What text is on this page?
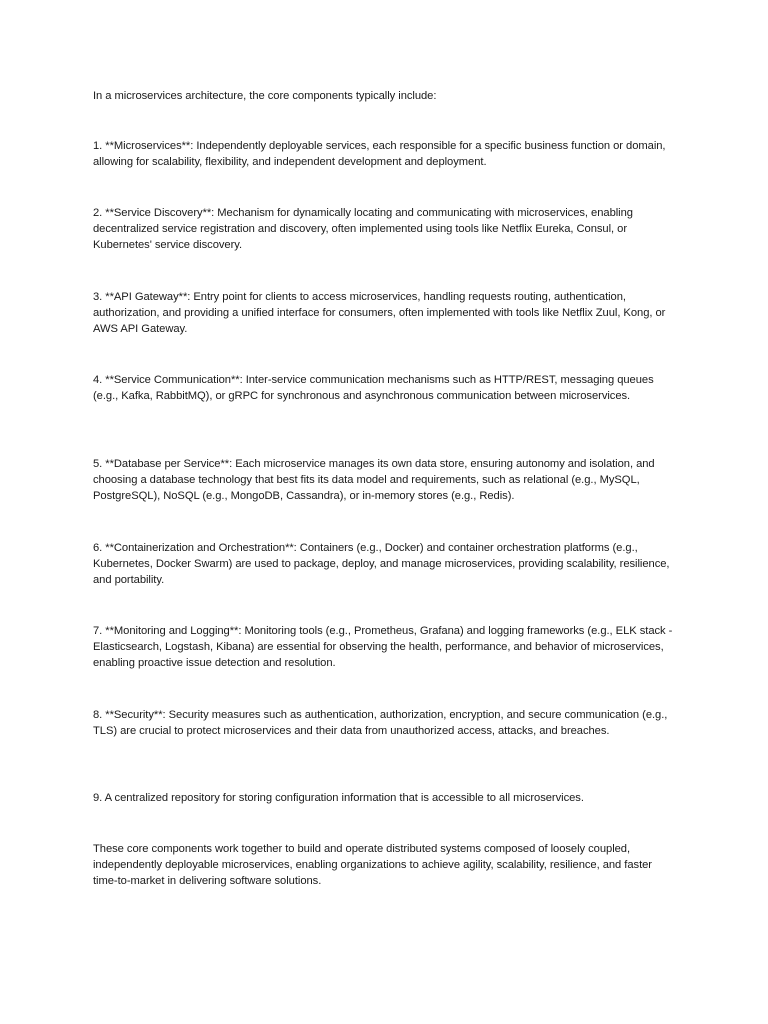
In a microservices architecture, the core components typically include:

1. **Microservices**: Independently deployable services, each responsible for a specific business function or domain, allowing for scalability, flexibility, and independent development and deployment.

2. **Service Discovery**: Mechanism for dynamically locating and communicating with microservices, enabling decentralized service registration and discovery, often implemented using tools like Netflix Eureka, Consul, or Kubernetes' service discovery.

3. **API Gateway**: Entry point for clients to access microservices, handling requests routing, authentication, authorization, and providing a unified interface for consumers, often implemented with tools like Netflix Zuul, Kong, or AWS API Gateway.

4. **Service Communication**: Inter-service communication mechanisms such as HTTP/REST, messaging queues (e.g., Kafka, RabbitMQ), or gRPC for synchronous and asynchronous communication between microservices.

5. **Database per Service**: Each microservice manages its own data store, ensuring autonomy and isolation, and choosing a database technology that best fits its data model and requirements, such as relational (e.g., MySQL, PostgreSQL), NoSQL (e.g., MongoDB, Cassandra), or in-memory stores (e.g., Redis).

6. **Containerization and Orchestration**: Containers (e.g., Docker) and container orchestration platforms (e.g., Kubernetes, Docker Swarm) are used to package, deploy, and manage microservices, providing scalability, resilience, and portability.

7. **Monitoring and Logging**: Monitoring tools (e.g., Prometheus, Grafana) and logging frameworks (e.g., ELK stack - Elasticsearch, Logstash, Kibana) are essential for observing the health, performance, and behavior of microservices, enabling proactive issue detection and resolution.

8. **Security**: Security measures such as authentication, authorization, encryption, and secure communication (e.g., TLS) are crucial to protect microservices and their data from unauthorized access, attacks, and breaches.

9. A centralized repository for storing configuration information that is accessible to all microservices.

These core components work together to build and operate distributed systems composed of loosely coupled, independently deployable microservices, enabling organizations to achieve agility, scalability, resilience, and faster time-to-market in delivering software solutions.
